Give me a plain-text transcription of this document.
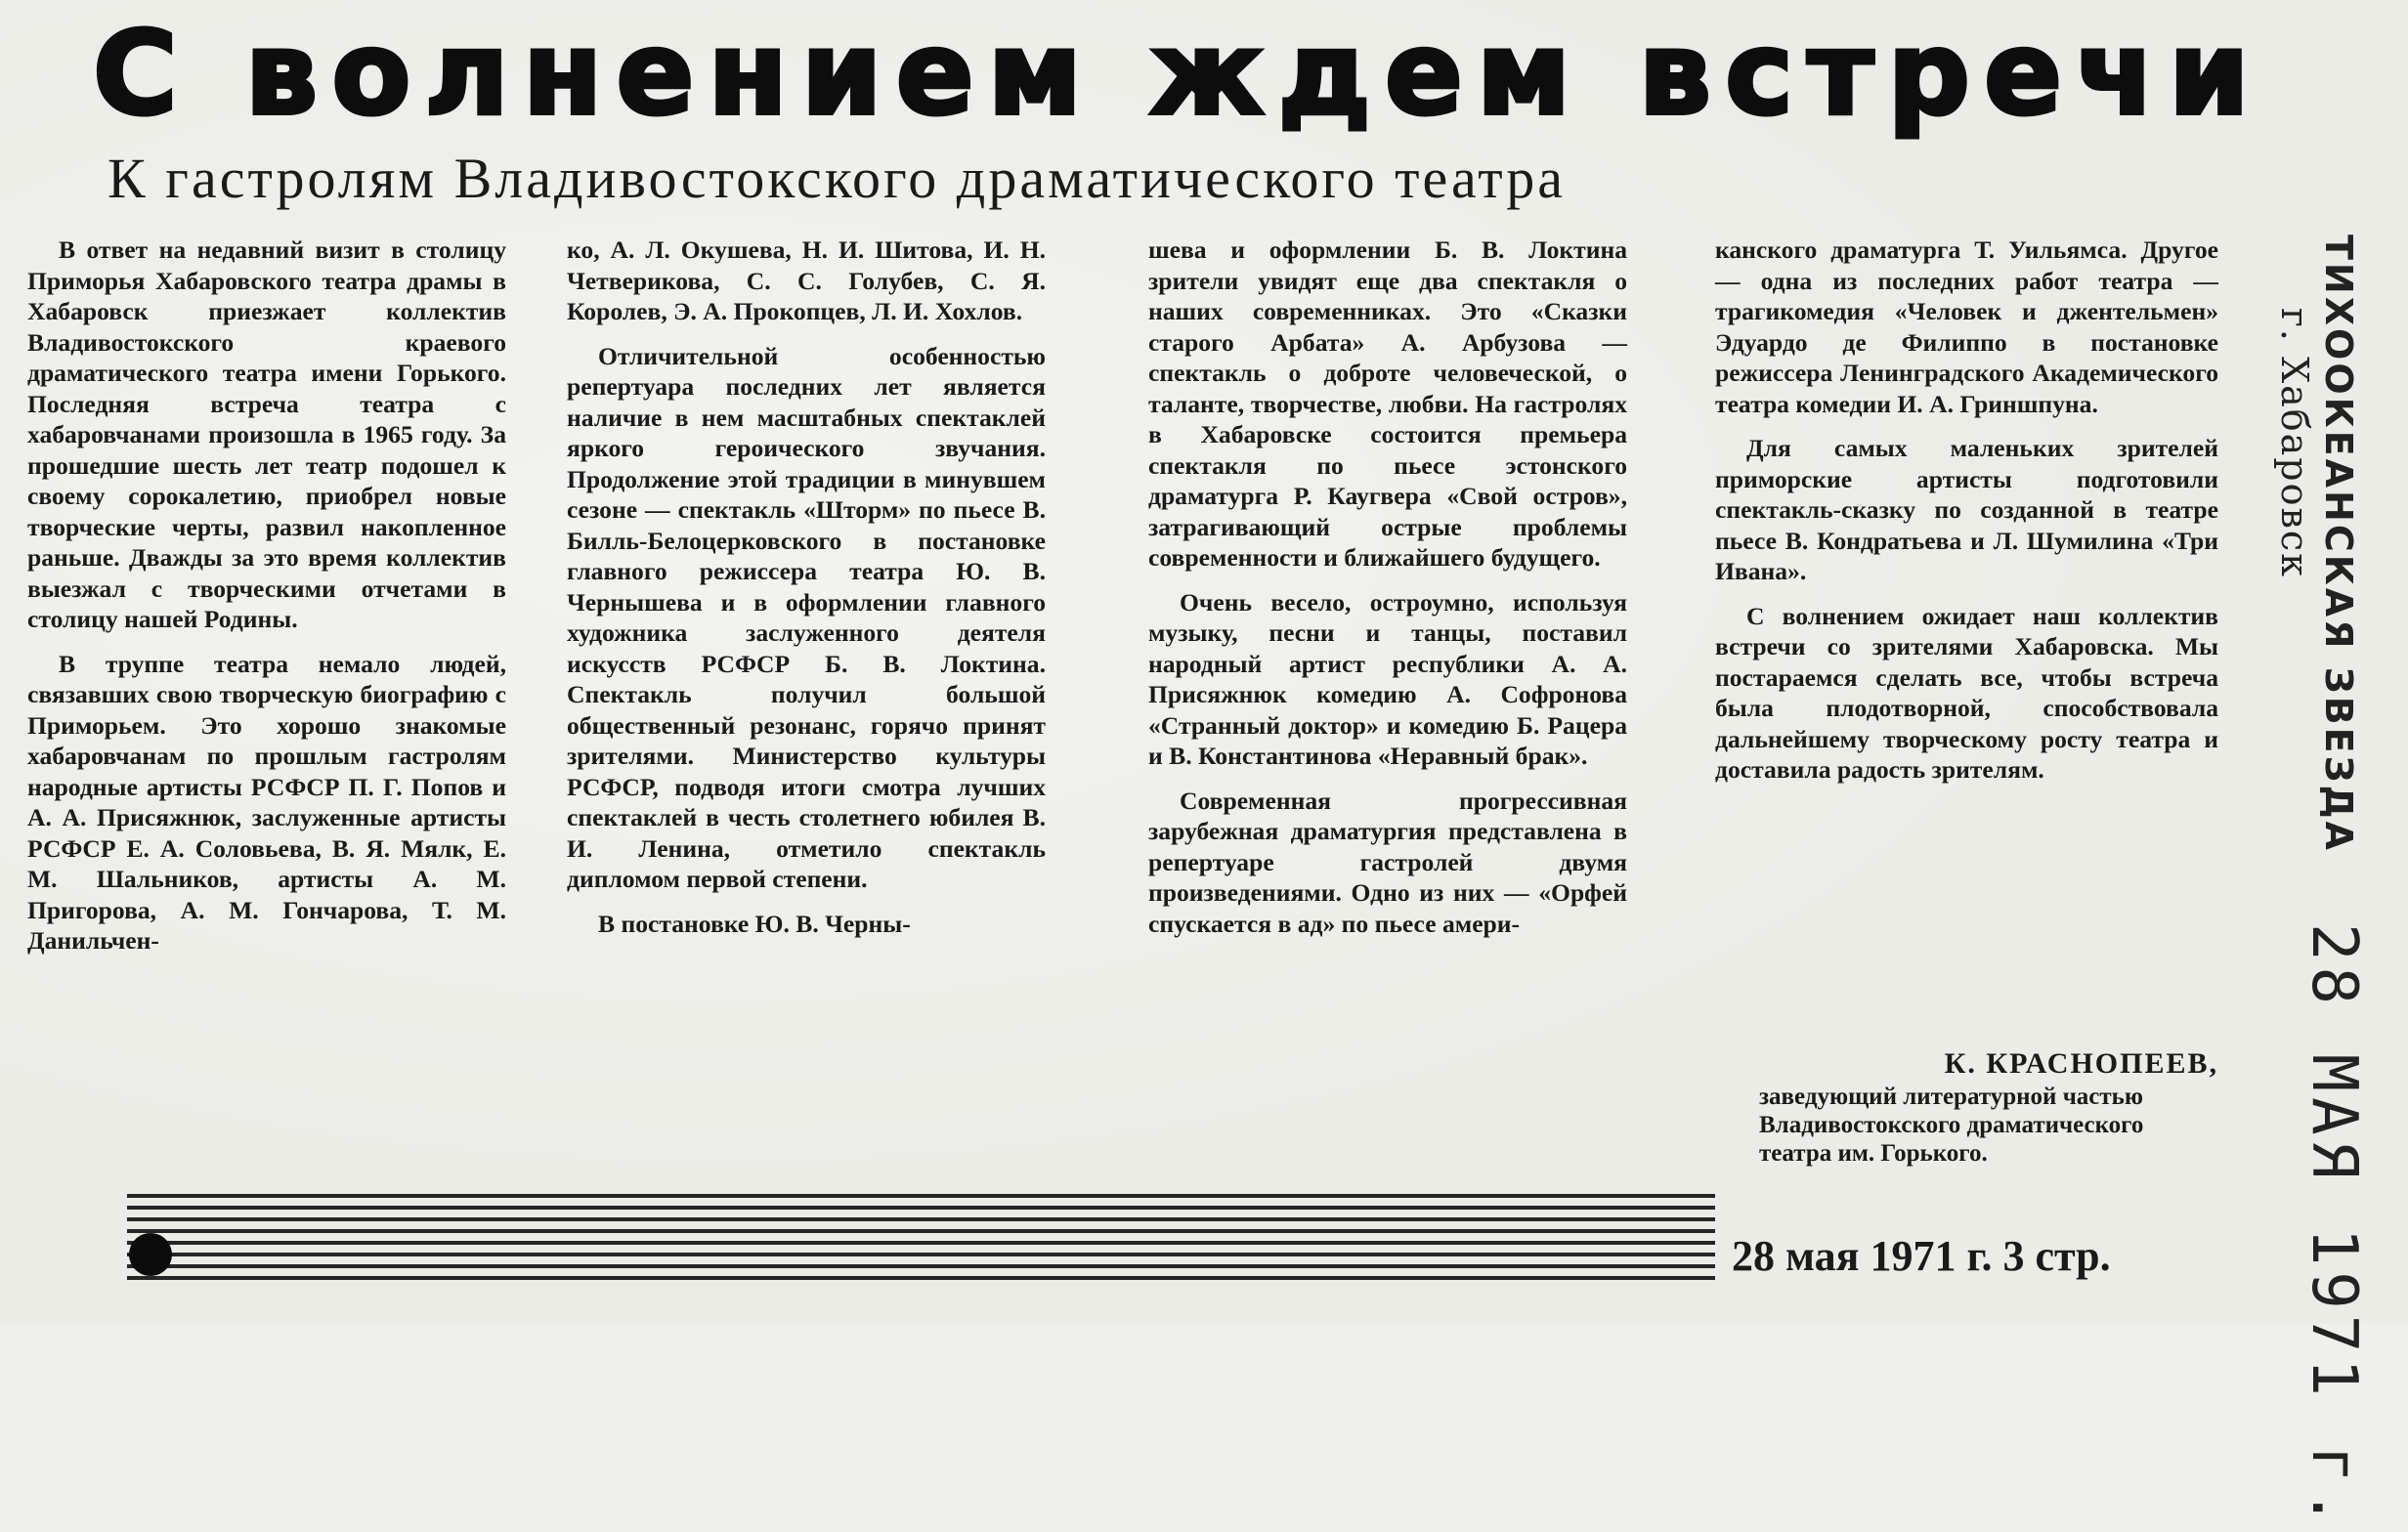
С волнением ждем встречи
К гастролям Владивостокского драматического театра

В ответ на недавний визит в столицу Приморья Хабаровского театра драмы в Хабаровск приезжает коллектив Владивостокского краевого драматического театра имени Горького. Последняя встреча театра с хабаровчанами произошла в 1965 году. За прошедшие шесть лет театр подошел к своему сорокалетию, приобрел новые творческие черты, развил накопленное раньше. Дважды за это время коллектив выезжал с творческими отчетами в столицу нашей Родины.

В труппе театра немало людей, связавших свою творческую биографию с Приморьем. Это хорошо знакомые хабаровчанам по прошлым гастролям народные артисты РСФСР П. Г. Попов и А. А. Присяжнюк, заслуженные артисты РСФСР Е. А. Соловьева, В. Я. Мялк, Е. М. Шальников, артисты А. М. Пригорова, А. М. Гончарова, Т. М. Данильчен-

ко, А. Л. Окушева, Н. И. Шитова, И. Н. Четверикова, С. С. Голубев, С. Я. Королев, Э. А. Прокопцев, Л. И. Хохлов.

Отличительной особенностью репертуара последних лет является наличие в нем масштабных спектаклей яркого героического звучания. Продолжение этой традиции в минувшем сезоне — спектакль «Шторм» по пьесе В. Билль-Белоцерковского в постановке главного режиссера театра Ю. В. Чернышева и в оформлении главного художника заслуженного деятеля искусств РСФСР Б. В. Локтина. Спектакль получил большой общественный резонанс, горячо принят зрителями. Министерство культуры РСФСР, подводя итоги смотра лучших спектаклей в честь столетнего юбилея В. И. Ленина, отметило спектакль дипломом первой степени.

В постановке Ю. В. Черны-

шева и оформлении Б. В. Локтина зрители увидят еще два спектакля о наших современниках. Это «Сказки старого Арбата» А. Арбузова — спектакль о доброте человеческой, о таланте, творчестве, любви. На гастролях в Хабаровске состоится премьера спектакля по пьесе эстонского драматурга Р. Каугвера «Свой остров», затрагивающий острые проблемы современности и ближайшего будущего.

Очень весело, остроумно, используя музыку, песни и танцы, поставил народный артист республики А. А. Присяжнюк комедию А. Софронова «Странный доктор» и комедию Б. Рацера и В. Константинова «Неравный брак».

Современная прогрессивная зарубежная драматургия представлена в репертуаре гастролей двумя произведениями. Одно из них — «Орфей спускается в ад» по пьесе амери-

канского драматурга Т. Уильямса. Другое — одна из последних работ театра — трагикомедия «Человек и джентельмен» Эдуардо де Филиппо в постановке режиссера Ленинградского Академического театра комедии И. А. Гриншпуна.

Для самых маленьких зрителей приморские артисты подготовили спектакль-сказку по созданной в театре пьесе В. Кондратьева и Л. Шумилина «Три Ивана».

С волнением ожидает наш коллектив встречи со зрителями Хабаровска. Мы постараемся сделать все, чтобы встреча была плодотворной, способствовала дальнейшему творческому росту театра и доставила радость зрителям.

К. КРАСНОПЕЕВ,
заведующий литературной частью Владивостокского драматического театра им. Горького.
28 мая 1971 г. 3 стр.
ТИХООКЕАНСКАЯ ЗВЕЗДА
г. Хабаровск
28 МАЯ 1971 г.
